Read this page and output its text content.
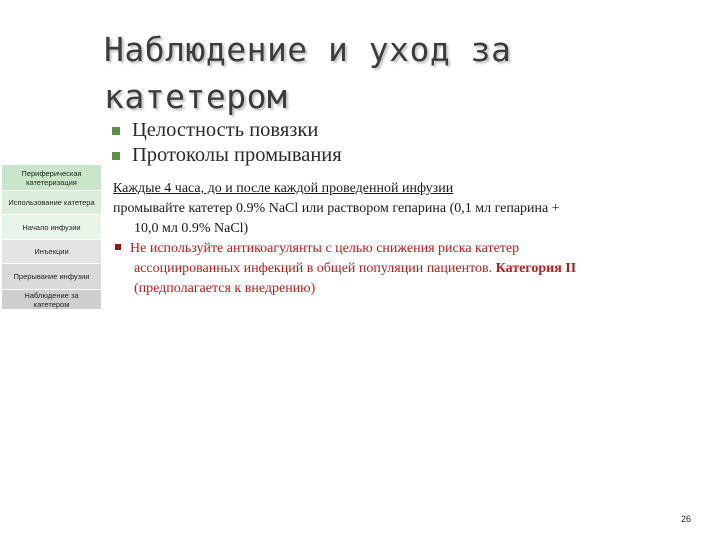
Наблюдение и уход за
катетером
Периферическая катетеризация
Использование катетера
Начало инфузии
Инъекции
Прерывание инфузии
Наблюдение за катетером
Целостность повязки
Протоколы промывания
Каждые 4 часа, до и после каждой проведенной инфузии
промывайте катетер 0.9% NaCl или раствором гепарина (0,1 мл гепарина +
10,0 мл 0.9% NaCl)
Не используйте антикоагулянты с целью снижения риска катетер
ассоциированных инфекций в общей популяции пациентов. Категория II
(предполагается к внедрению)
26
